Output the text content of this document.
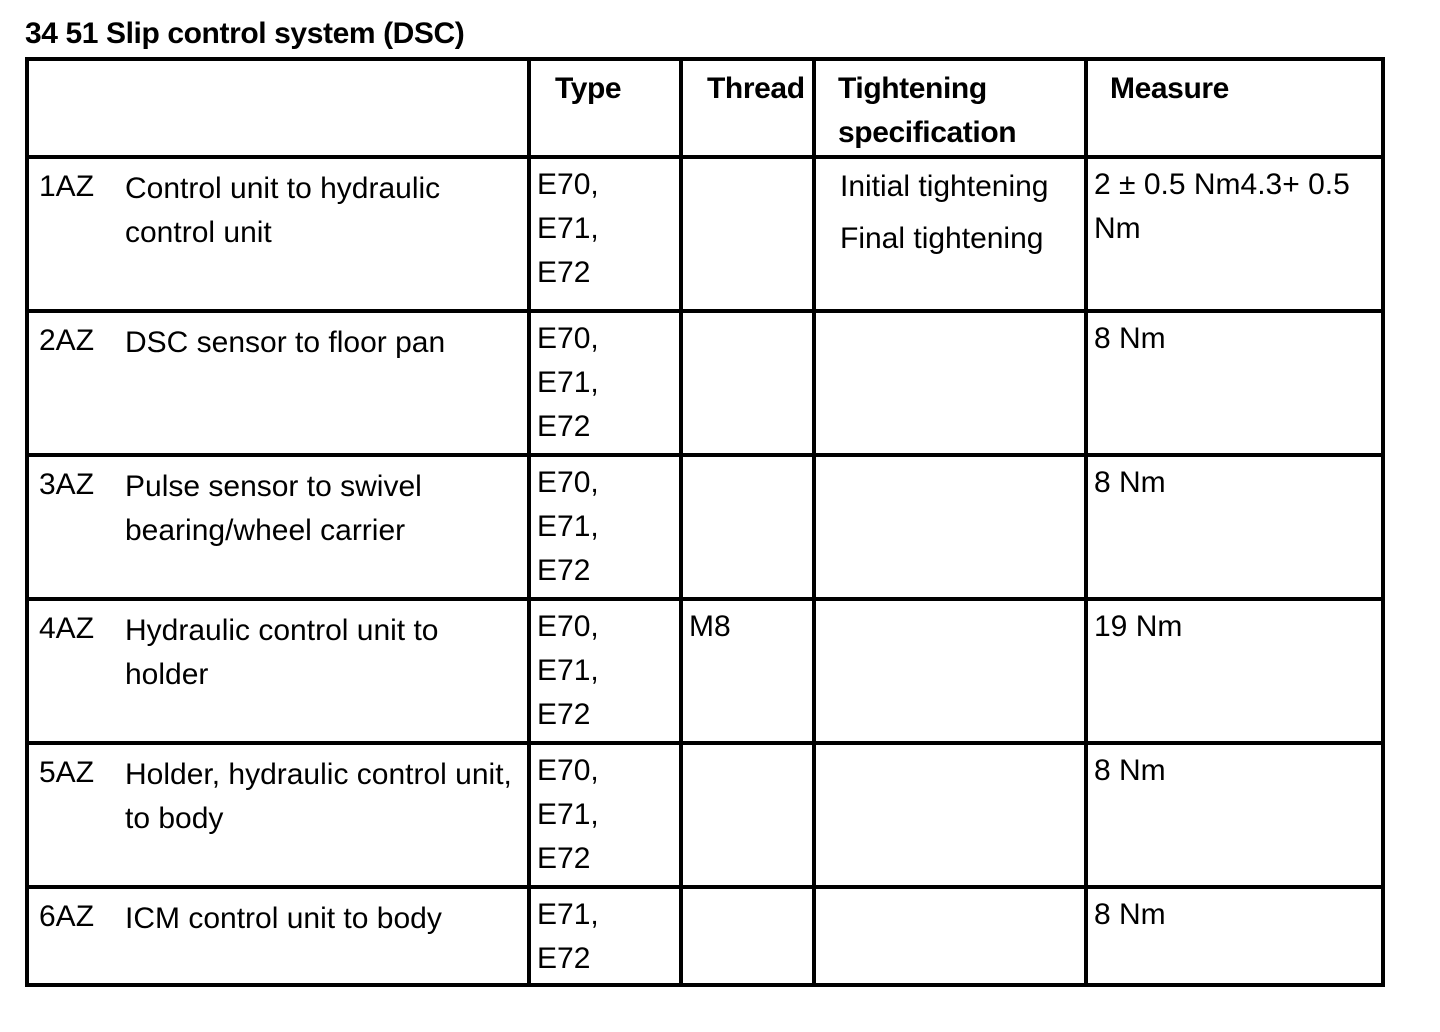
34 51 Slip control system (DSC)

	Type	Thread	Tightening specification	Measure

1AZ Control unit to hydraulic control unit	E70,
E71,
E72		Initial tightening
Final tightening	2 ± 0.5 Nm4.3+ 0.5 Nm

2AZ DSC sensor to floor pan	E70,
E71,
E72			8 Nm

3AZ Pulse sensor to swivel bearing/wheel carrier	E70,
E71,
E72			8 Nm

4AZ Hydraulic control unit to holder	E70,
E71,
E72	M8		19 Nm

5AZ Holder, hydraulic control unit, to body	E70,
E71,
E72			8 Nm

6AZ ICM control unit to body	E71,
E72			8 Nm
